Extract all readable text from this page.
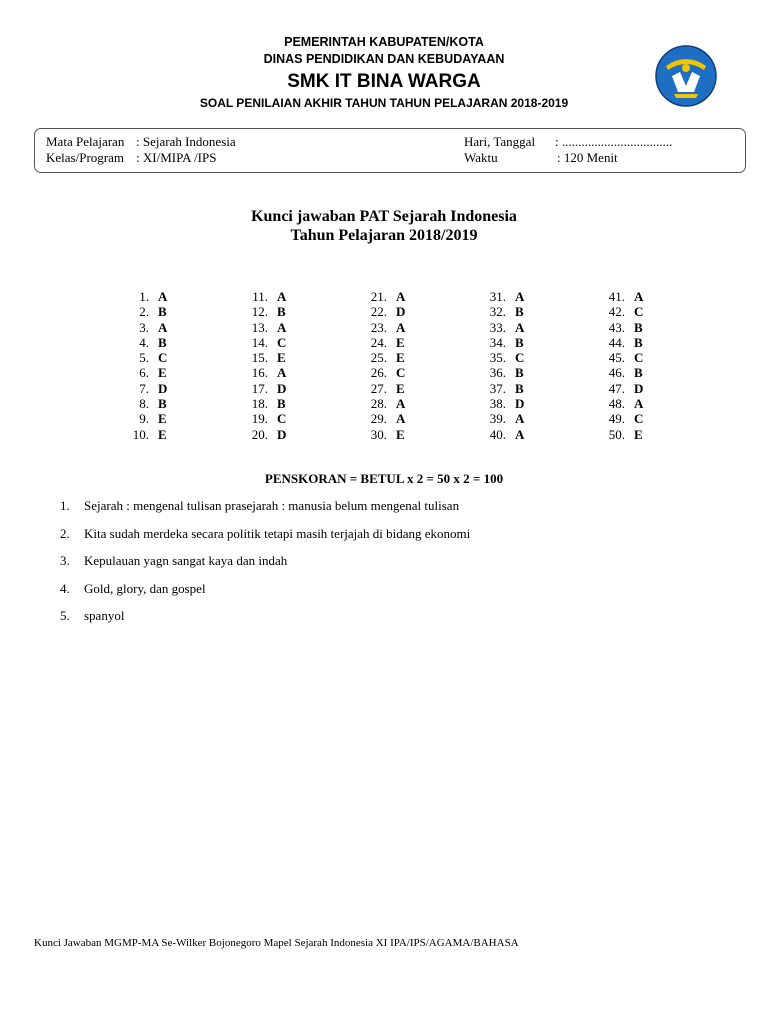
PEMERINTAH KABUPATEN/KOTA
DINAS PENDIDIKAN DAN KEBUDAYAAN
SMK IT BINA WARGA
SOAL PENILAIAN AKHIR TAHUN TAHUN PELAJARAN 2018-2019
Mata Pelajaran : Sejarah Indonesia
Kelas/Program : XI/MIPA /IPS
Hari, Tanggal : ..................................
Waktu	: 120 Menit
Kunci jawaban PAT Sejarah Indonesia
Tahun Pelajaran 2018/2019
1. A
2. B
3. A
4. B
5. C
6. E
7. D
8. B
9. E
10. E
11. A
12. B
13. A
14. C
15. E
16. A
17. D
18. B
19. C
20. D
21. A
22. D
23. A
24. E
25. E
26. C
27. E
28. A
29. A
30. E
31. A
32. B
33. A
34. B
35. C
36. B
37. B
38. D
39. A
40. A
41. A
42. C
43. B
44. B
45. C
46. B
47. D
48. A
49. C
50. E
PENSKORAN = BETUL x 2 = 50 x 2 = 100
1. Sejarah : mengenal tulisan prasejarah : manusia belum mengenal tulisan
2. Kita sudah merdeka secara politik tetapi masih terjajah di bidang ekonomi
3. Kepulauan yagn sangat kaya dan indah
4. Gold, glory, dan gospel
5. spanyol
Kunci Jawaban MGMP-MA Se-Wilker Bojonegoro Mapel Sejarah Indonesia XI IPA/IPS/AGAMA/BAHASA
